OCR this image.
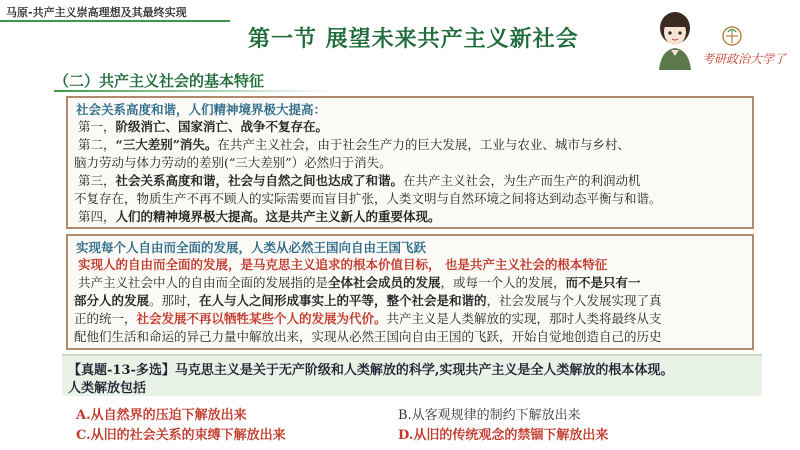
马原-共产主义崇高理想及其最终实现
第一节 展望未来共产主义新社会
考研政治大学了
（二）共产主义社会的基本特征
社会关系高度和谐，人们精神境界极大提高：
第一，阶级消亡、国家消亡、战争不复存在。
第二，“三大差别”消失。在共产主义社会，由于社会生产力的巨大发展，工业与农业、城市与乡村、
脑力劳动与体力劳动的差别(“三大差别”）必然归于消失。
第三，社会关系高度和谐，社会与自然之间也达成了和谐。在共产主义社会，为生产而生产的利润动机
不复存在，物质生产不再不顾人的实际需要而盲目扩张，人类文明与自然环境之间将达到动态平衡与和谐。
第四，人们的精神境界极大提高。这是共产主义新人的重要体现。
实现每个人自由而全面的发展，人类从必然王国向自由王国飞跃
实现人的自由而全面的发展，是马克思主义追求的根本价值目标， 也是共产主义社会的根本特征
共产主义社会中人的自由而全面的发展指的是全体社会成员的发展，或每一个人的发展，而不是只有一
部分人的发展。那时，在人与人之间形成事实上的平等，整个社会是和谐的，社会发展与个人发展实现了真
正的统一，社会发展不再以牺牲某些个人的发展为代价。共产主义是人类解放的实现，那时人类将最终从支
配他们生活和命运的异己力量中解放出来，实现从必然王国向自由王国的飞跃，开始自觉地创造自己的历史
【真题-13-多选】马克思主义是关于无产阶级和人类解放的科学,实现共产主义是全人类解放的根本体现。
人类解放包括
A.从自然界的压迫下解放出来	B.从客观规律的制约下解放出来
C.从旧的社会关系的束缚下解放出来	D.从旧的传统观念的禁锢下解放出来
